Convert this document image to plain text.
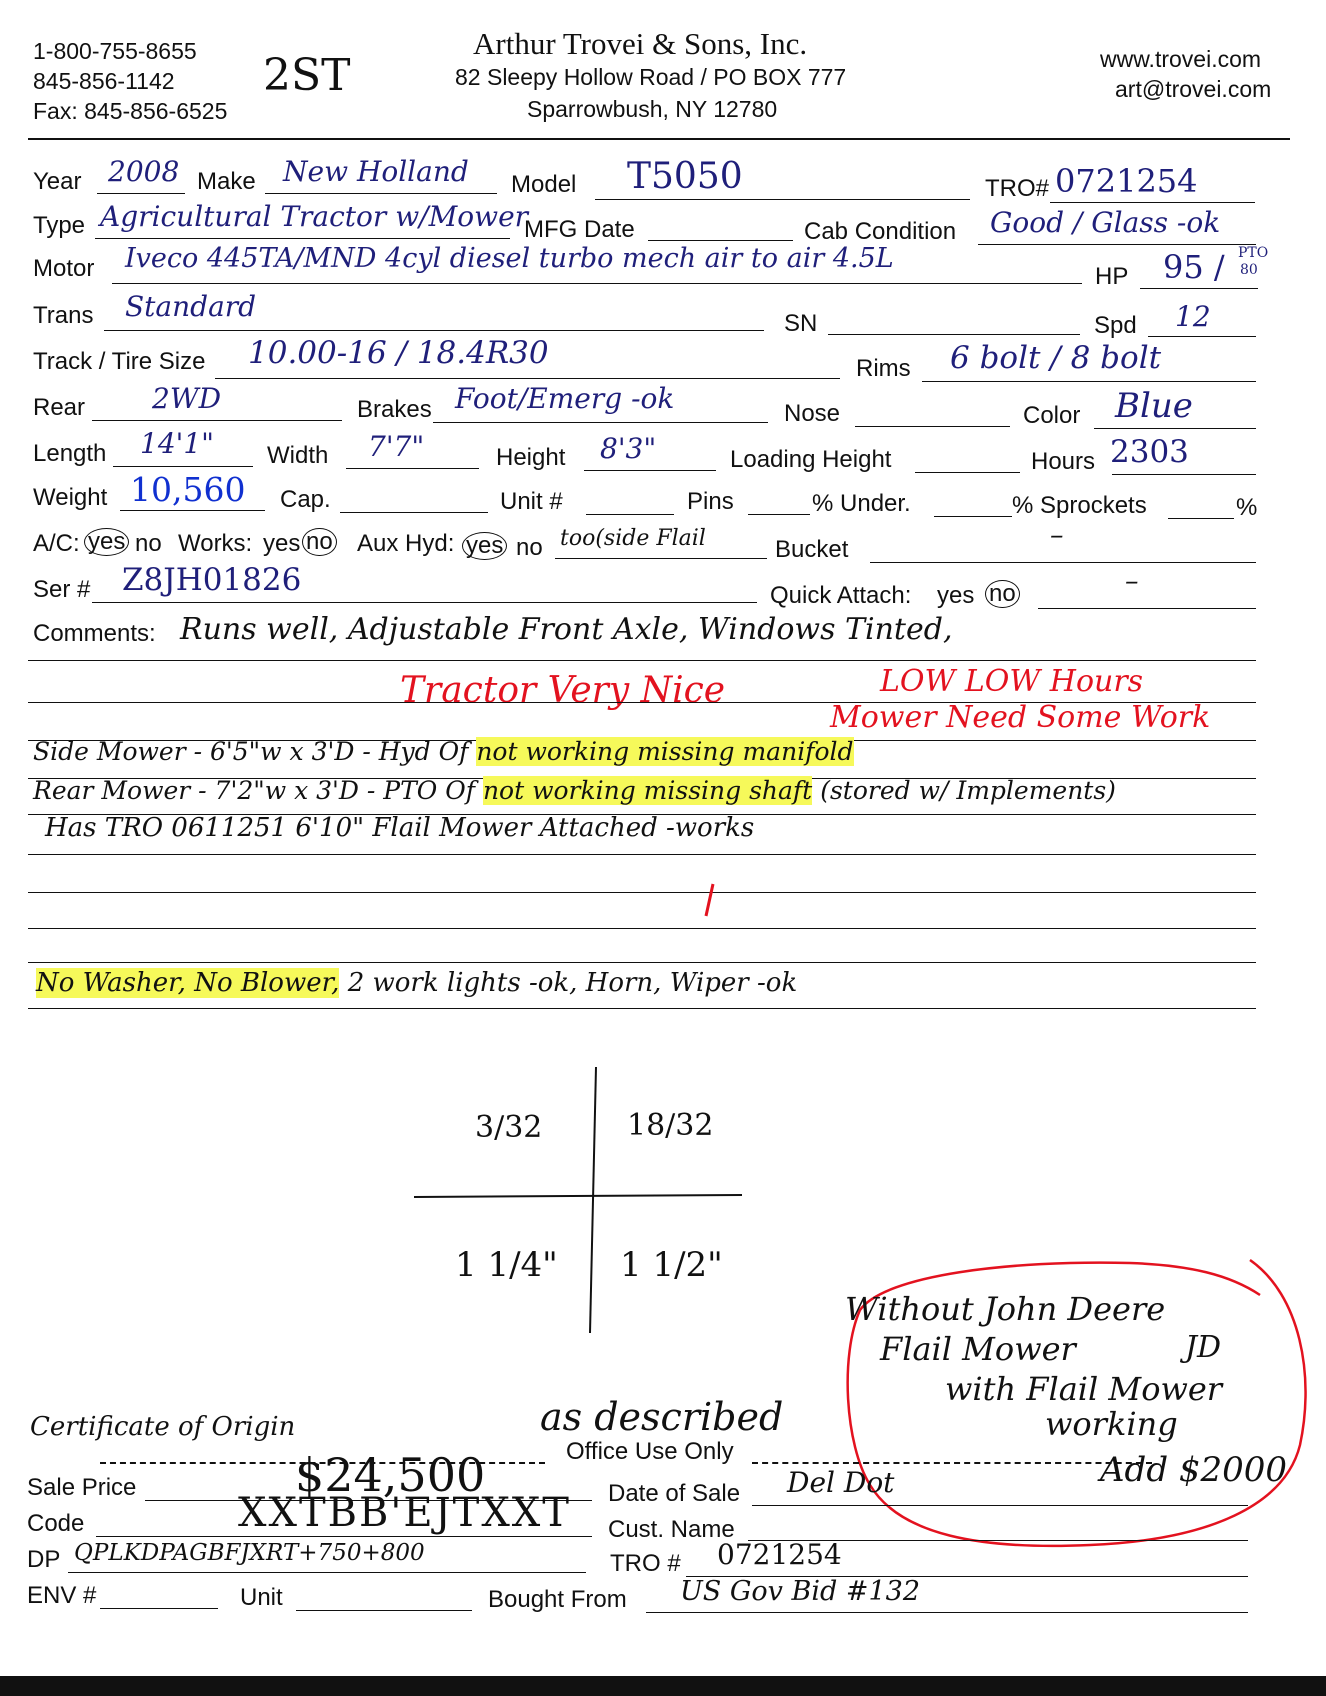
1-800-755-8655
845-856-1142
Fax: 845-856-6525
2ST
Arthur Trovei & Sons, Inc.
82 Sleepy Hollow Road / PO BOX 777
Sparrowbush, NY 12780
www.trovei.com
art@trovei.com
Year 2008 Make New Holland Model T5050	TRO# 0721254
Type Agricultural Tractor w/Mower
MFG Date	Cab Condition Good / Glass -ok
Motor Iveco 445TA/MND 4cyl diesel turbo mech air to air 4.5L
HP 95 / PTO
80
Trans Standard
SN	Spd 12
Track / Tire Size 10.00-16 / 18.4R30	Rims 6 bolt / 8 bolt
Rear 2WD	Brakes Foot/Emerg -ok	Nose	Color Blue
Length 14'1" Width 7'7"	Height 8'3"	Loading Height	Hours 2303
Weight 10,560 Cap.	Unit #	Pins	% Under.	% Sprockets	%
A/C: yes no Works: yes no Aux Hyd: yes no too(side Flail	Bucket	–
Ser # Z8JH01826	Quick Attach: yes no	–
Comments: Runs well, Adjustable Front Axle, Windows Tinted,
Tractor Very Nice	LOW LOW Hours
Mower Need Some Work
Side Mower - 6'5"w x 3'D - Hyd Of not working missing manifold
Rear Mower - 7'2"w x 3'D - PTO Of not working missing shaft (stored w/ Implements)
Has TRO 0611251 6'10" Flail Mower Attached -works
No Washer, No Blower, 2 work lights -ok, Horn, Wiper -ok
3/32	18/32
1 1/4" 1 1/2"
as described
Certificate of Origin
Without John Deere
Flail Mower	JD
with Flail Mower
working
Add $2000
Office Use Only
Sale Price	$24,500	Date of Sale Del Dot
Code	XXTBB'EJTXXT Cust. Name
DP QPLKDPAGBFJXRT+750+800	TRO # 0721254
ENV #	Unit	Bought From US Gov Bid #132
